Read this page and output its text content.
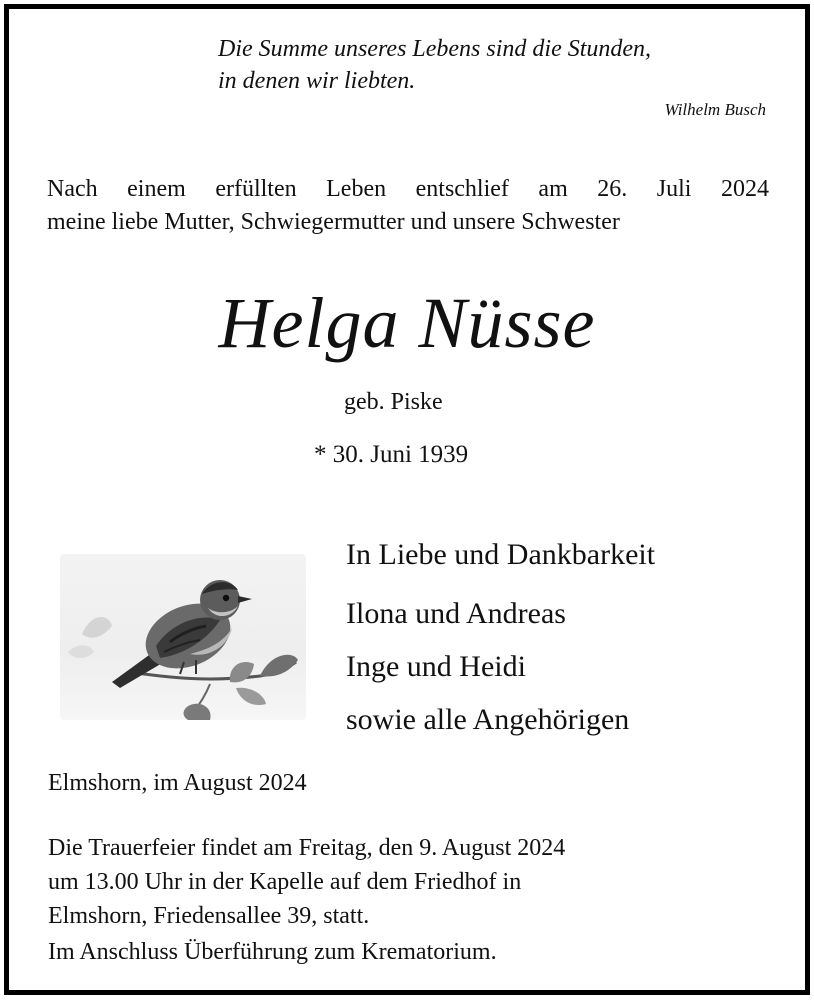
Die Summe unseres Lebens sind die Stunden,
in denen wir liebten.
Wilhelm Busch
Nach einem erfüllten Leben entschlief am 26. Juli 2024
meine liebe Mutter, Schwiegermutter und unsere Schwester
Helga Nüsse
geb. Piske
* 30. Juni 1939
In Liebe und Dankbarkeit
Ilona und Andreas
Inge und Heidi
sowie alle Angehörigen
Elmshorn, im August 2024
Die Trauerfeier findet am Freitag, den 9. August 2024
um 13.00 Uhr in der Kapelle auf dem Friedhof in
Elmshorn, Friedensallee 39, statt.
Im Anschluss Überführung zum Krematorium.
